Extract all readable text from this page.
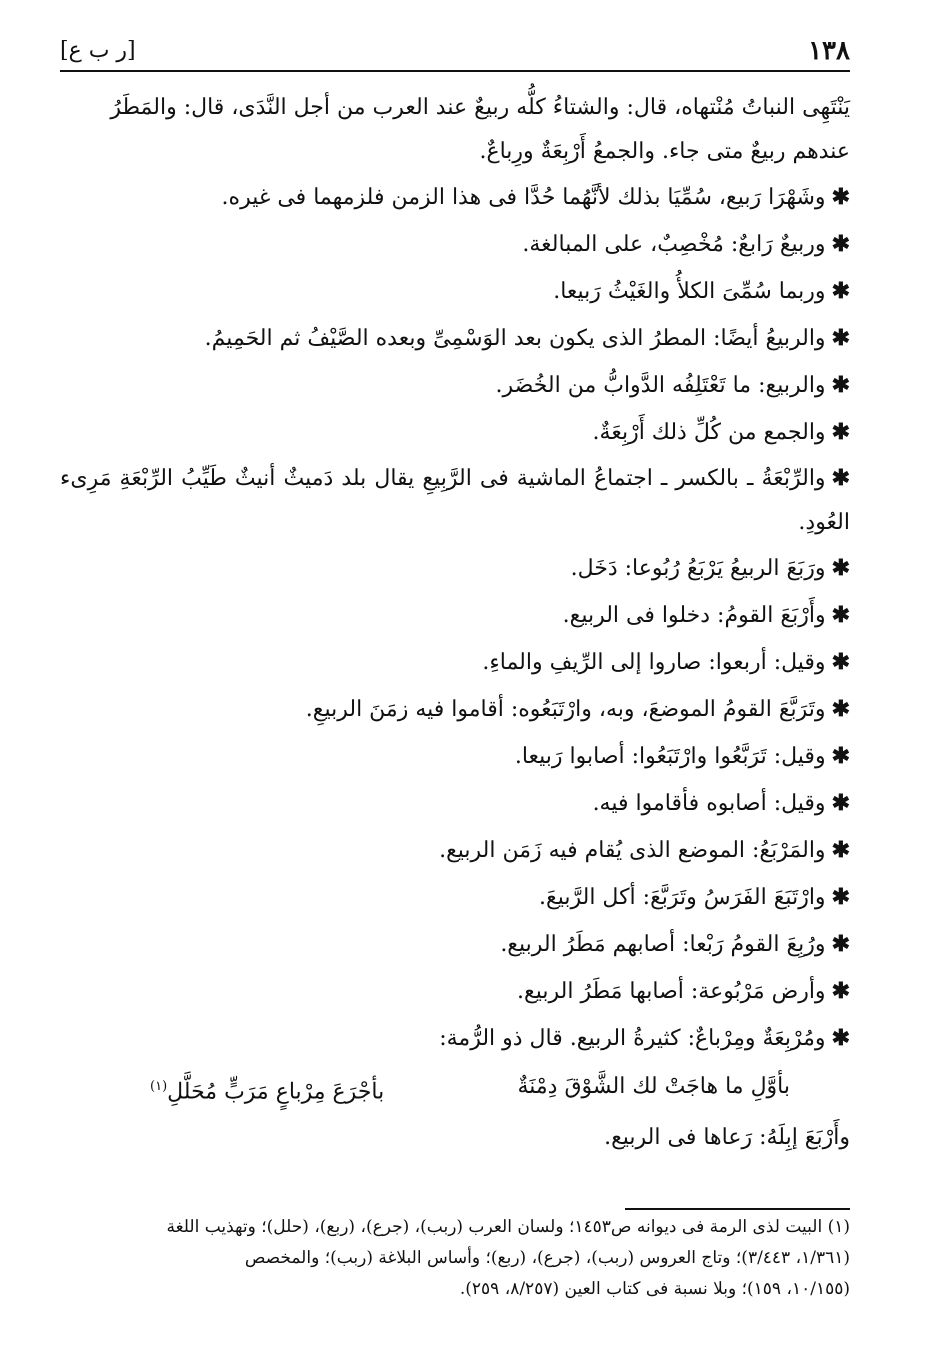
١٣٨
[ر ب ع]

يَنْتَهِى النباتُ مُنْتهاه، قال: والشتاءُ كلُّه ربيعٌ عند العرب من أجل النَّدَى، قال: والمَطَرُ

عندهم ربيعٌ متى جاء. والجمعُ أَرْبِعَةٌ ورِباعٌ.

✱وشَهْرَا رَبيع، سُمِّيَا بذلك لأنَّهُما حُدَّا فى هذا الزمن فلزمهما فى غيره.

✱وربيعٌ رَابعٌ: مُخْصِبٌ، على المبالغة.

✱وربما سُمِّىَ الكلأُ والغَيْثُ رَبيعا.

✱والربيعُ أيضًا: المطرُ الذى يكون بعد الوَسْمِىِّ وبعده الصَّيْفُ ثم الحَمِيمُ.

✱والربيع: ما تَعْتَلِفُه الدَّوابُّ من الخُضَر.

✱والجمع من كُلِّ ذلك أَرْبِعَةٌ.

✱والرِّبْعَةُ ـ بالكسر ـ اجتماعُ الماشية فى الرَّبِيعِ يقال بلد دَميثٌ أنيثٌ طَيِّبُ الرِّبْعَةِ مَرِىء العُودِ.

✱ورَبَعَ الربيعُ يَرْبَعُ رُبُوعا: دَخَل.

✱وأَرْبَعَ القومُ: دخلوا فى الربيع.

✱وقيل: أربعوا: صاروا إلى الرِّيفِ والماءِ.

✱وتَرَبَّعَ القومُ الموضعَ، وبه، وارْتَبَعُوه: أقاموا فيه زمَنَ الربيعِ.

✱وقيل: تَرَبَّعُوا وارْتَبَعُوا: أصابوا رَبيعا.

✱وقيل: أصابوه فأقاموا فيه.

✱والمَرْبَعُ: الموضع الذى يُقام فيه زَمَن الربيع.

✱وارْتَبَعَ الفَرَسُ وتَرَبَّعَ: أكل الرَّبيعَ.

✱ورُبِعَ القومُ رَبْعا: أصابهم مَطَرُ الربيع.

✱وأرض مَرْبُوعة: أصابها مَطَرُ الربيع.

✱ومُرْبِعَةٌ ومِرْباعٌ: كثيرةُ الربيع. قال ذو الرُّمة:

بأوَّلِ ما هاجَتْ لك الشَّوْقَ دِمْنَةٌ
بأجْرَعَ مِرْباعٍ مَرَبٍّ مُحَلَّلِ$^{(١)}$

وأَرْبَعَ إبِلَهُ: رَعاها فى الربيع.

(١) البيت لذى الرمة فى ديوانه ص١٤٥٣؛ ولسان العرب (ربب)، (جرع)، (ربع)، (حلل)؛ وتهذيب اللغة

(١/٣٦١، ٣/٤٤٣)؛ وتاج العروس (ربب)، (جرع)، (ربع)؛ وأساس البلاغة (ربب)؛ والمخصص

(١٠/١٥٥، ١٥٩)؛ وبلا نسبة فى كتاب العين (٨/٢٥٧، ٢٥٩).
